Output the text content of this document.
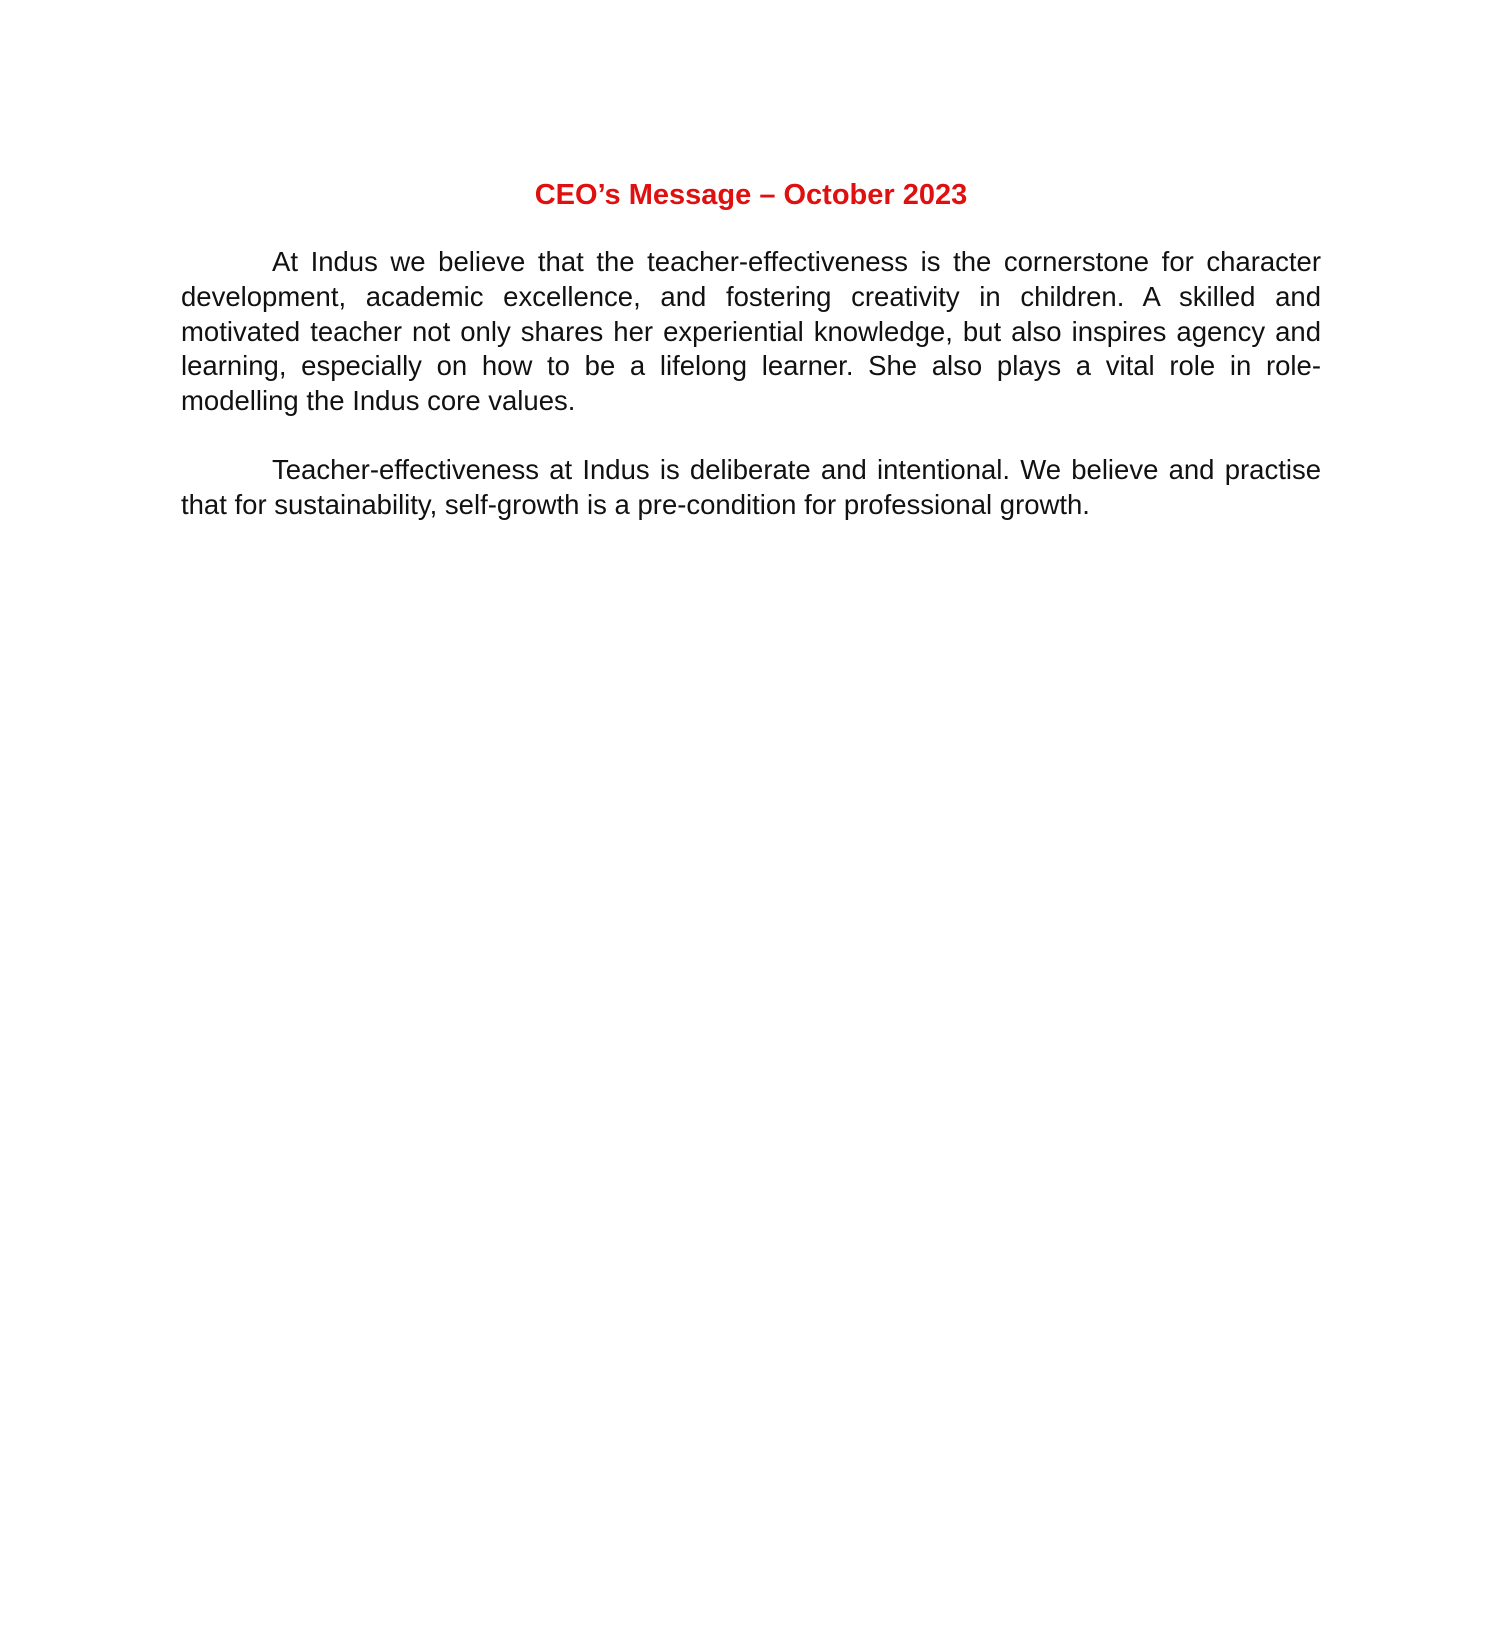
CEO’s Message – October 2023

At Indus we believe that the teacher-effectiveness is the cornerstone for character development, academic excellence, and fostering creativity in children. A skilled and motivated teacher not only shares her experiential knowledge, but also inspires agency and learning, especially on how to be a lifelong learner. She also plays a vital role in role-modelling the Indus core values.

Teacher-effectiveness at Indus is deliberate and intentional. We believe and practise that for sustainability, self-growth is a pre-condition for professional growth.
